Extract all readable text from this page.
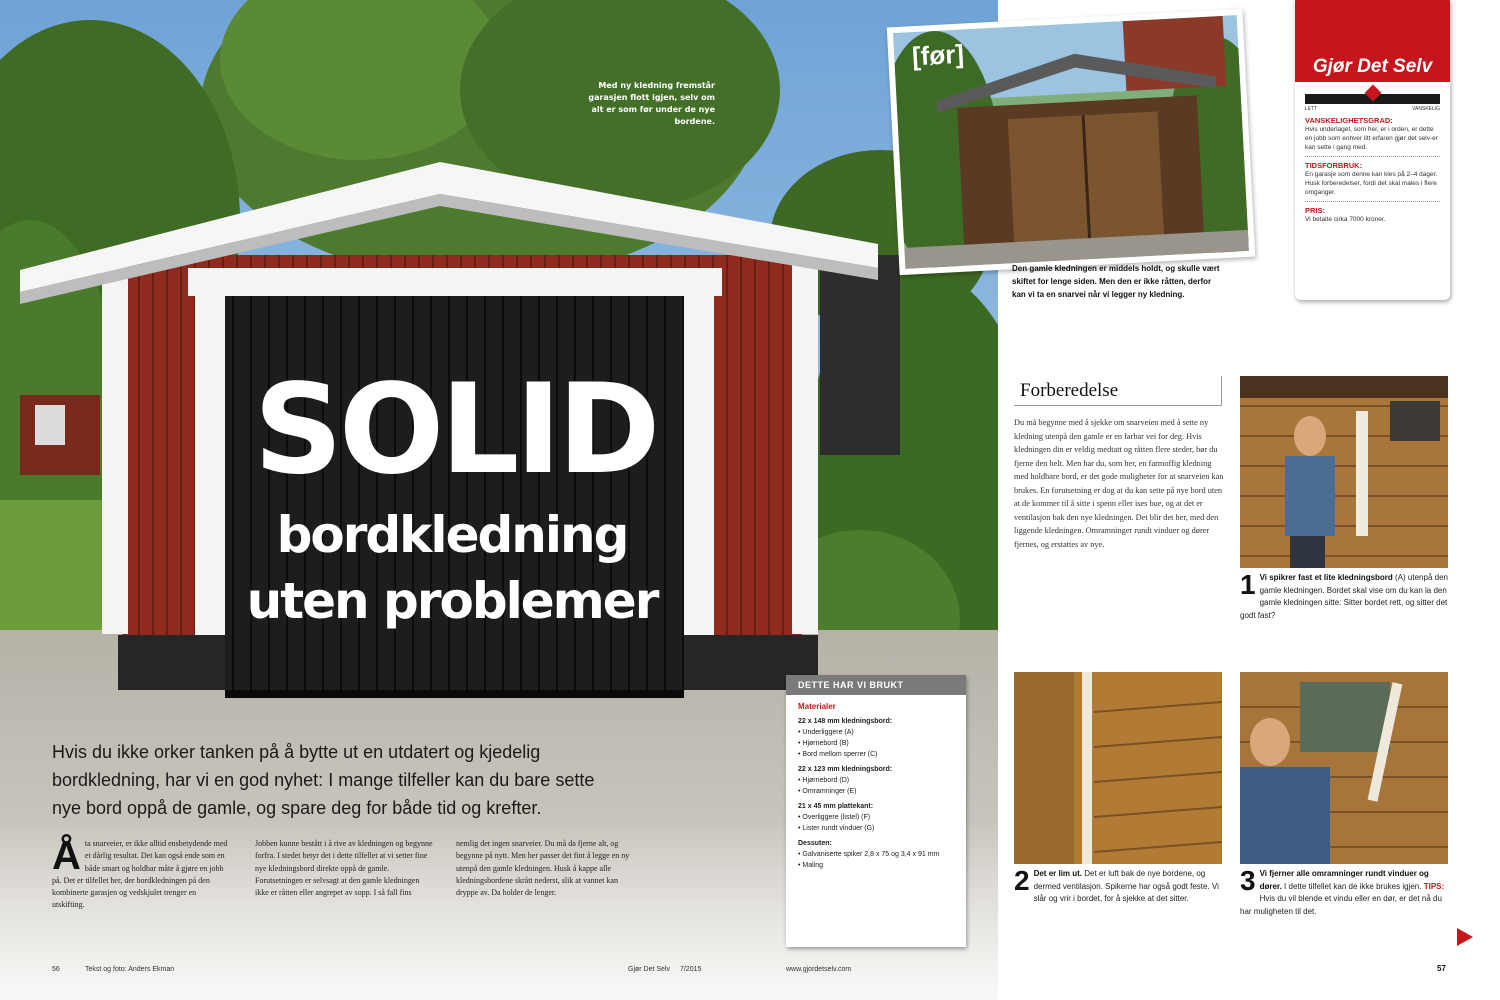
Med ny kledning fremstår garasjen flott igjen, selv om alt er som før under de nye bordene.
SOLID
bordkledning
uten problemer
Hvis du ikke orker tanken på å bytte ut en utdatert og kjedelig bordkledning, har vi en god nyhet: I mange tilfeller kan du bare sette nye bord oppå de gamle, og spare deg for både tid og krefter.
Å ta snarveier, er ikke alltid ensbetydende med et dårlig resultat. Det kan også ende som en både smart og holdbar måte å gjøre en jobb på. Det er tilfellet her, der bordkledningen på den kombinerte garasjen og vedskjulet trenger en utskifting.
Jobben kunne bestått i å rive av kledningen og begynne forfra. I stedet betyr det i dette tilfellet at vi setter fine nye kledningsbord direkte oppå de gamle. Forutsetningen er selvsagt at den gamle kledningen ikke er råtten eller angrepet av sopp. I så fall fins
nemlig det ingen snarveier. Du må da fjerne alt, og begynne på nytt. Men her passer det fint å legge en ny utenpå den gamle kledningen. Husk å kappe alle kledningsbordene skrått nederst, slik at vannet kan dryppe av. Da holder de lenger.
56	Tekst og foto: Anders Ekman	Gjør Det Selv 7/2015	www.gjordetselv.com
DETTE HAR VI BRUKT
Materialer
22 x 148 mm kledningsbord:
• Underliggere (A)
• Hjørnebord (B)
• Bord mellom sperrer (C)
22 x 123 mm kledningsbord:
• Hjørnebord (D)
• Omramninger (E)
21 x 45 mm plattekant:
• Overliggere (listel) (F)
• Lister rundt vinduer (G)
Dessuten:
• Galvaniserte spiker 2,8 x 75 og 3,4 x 91 mm
• Maling
[før]
Den gamle kledningen er middels holdt, og skulle vært skiftet for lenge siden. Men den er ikke råtten, derfor kan vi ta en snarvei når vi legger ny kledning.
Gjør Det Selv
LETT	VANSKELIG
VANSKELIGHETSGRAD:
Hvis underlaget, som her, er i orden, er dette en jobb som enhver litt erfaren gjør det selv-er kan sette i gang med.
TIDSFORBRUK:
En garasje som denne kan kles på 2–4 dager. Husk forberedelser, fordi det skal males i flere omganger.
PRIS:
Vi betalte cirka 7000 kroner.
Forberedelse
Du må begynne med å sjekke om snarveien med å sette ny kledning utenpå den gamle er en farbar vei for deg. Hvis kledningen din er veldig medtatt og råtten flere steder, bør du fjerne den helt. Men har du, som her, en farmoffig kledning med holdbare bord, er det gode muligheter for at snarveien kan brukes. En forutsetning er dog at du kan sette på nye bord uten at de kommer til å sitte i spenn eller ises bue, og at det er ventilasjon bak den nye kledningen. Det blir det her, med den liggende kledningen. Omramninger rundt vinduer og dører fjernes, og erstattes av nye.
1 Vi spikrer fast et lite kledningsbord (A) utenpå den gamle kledningen. Bordet skal vise om du kan la den gamle kledningen sitte: Sitter bordet rett, og sitter det godt fast?
2 Det er lim ut. Det er luft bak de nye bordene, og dermed ventilasjon. Spikerne har også godt feste. Vi slår og vrir i bordet, for å sjekke at det sitter.
3 Vi fjerner alle omramninger rundt vinduer og dører. I dette tilfellet kan de ikke brukes igjen. TIPS: Hvis du vil blende et vindu eller en dør, er det nå du har muligheten til det.
57
